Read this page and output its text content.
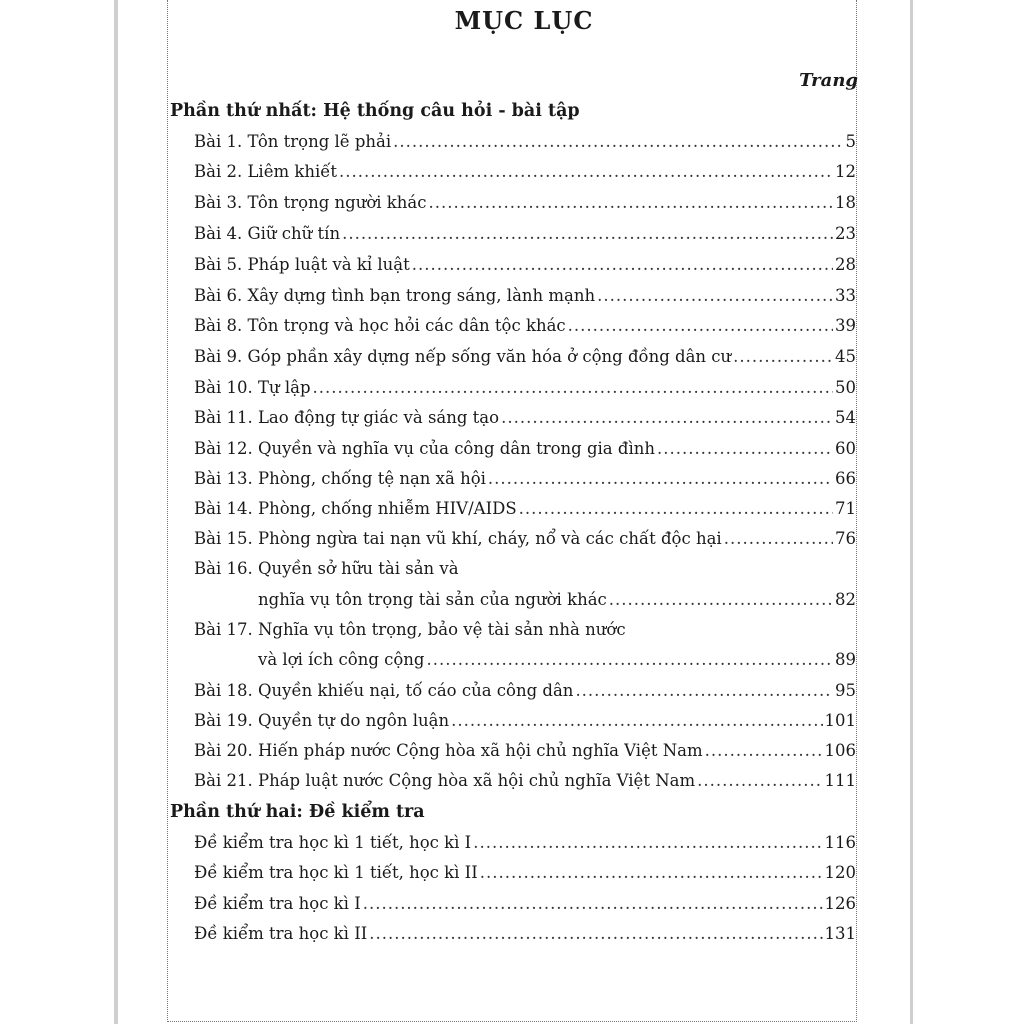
MỤC LỤC
Trang
Phần thứ nhất: Hệ thống câu hỏi - bài tập
Bài 1. Tôn trọng lẽ phải .....	5
Bài 2. Liêm khiết .....	12
Bài 3. Tôn trọng người khác .....	18
Bài 4. Giữ chữ tín .....	23
Bài 5. Pháp luật và kỉ luật .....	28
Bài 6. Xây dựng tình bạn trong sáng, lành mạnh .....	33
Bài 8. Tôn trọng và học hỏi các dân tộc khác .....	39
Bài 9. Góp phần xây dựng nếp sống văn hóa ở cộng đồng dân cư .....	45
Bài 10. Tự lập .....	50
Bài 11. Lao động tự giác và sáng tạo .....	54
Bài 12. Quyền và nghĩa vụ của công dân trong gia đình .....	60
Bài 13. Phòng, chống tệ nạn xã hội .....	66
Bài 14. Phòng, chống nhiễm HIV/AIDS .....	71
Bài 15. Phòng ngừa tai nạn vũ khí, cháy, nổ và các chất độc hại .....	76
Bài 16. Quyền sở hữu tài sản và
nghĩa vụ tôn trọng tài sản của người khác .....	82
Bài 17. Nghĩa vụ tôn trọng, bảo vệ tài sản nhà nước
và lợi ích công cộng .....	89
Bài 18. Quyền khiếu nại, tố cáo của công dân .....	95
Bài 19. Quyền tự do ngôn luận .....	101
Bài 20. Hiến pháp nước Cộng hòa xã hội chủ nghĩa Việt Nam .....	106
Bài 21. Pháp luật nước Cộng hòa xã hội chủ nghĩa Việt Nam .....	111
Phần thứ hai: Đề kiểm tra
Đề kiểm tra học kì 1 tiết, học kì I .....	116
Đề kiểm tra học kì 1 tiết, học kì II .....	120
Đề kiểm tra học kì I .....	126
Đề kiểm tra học kì II .....	131
